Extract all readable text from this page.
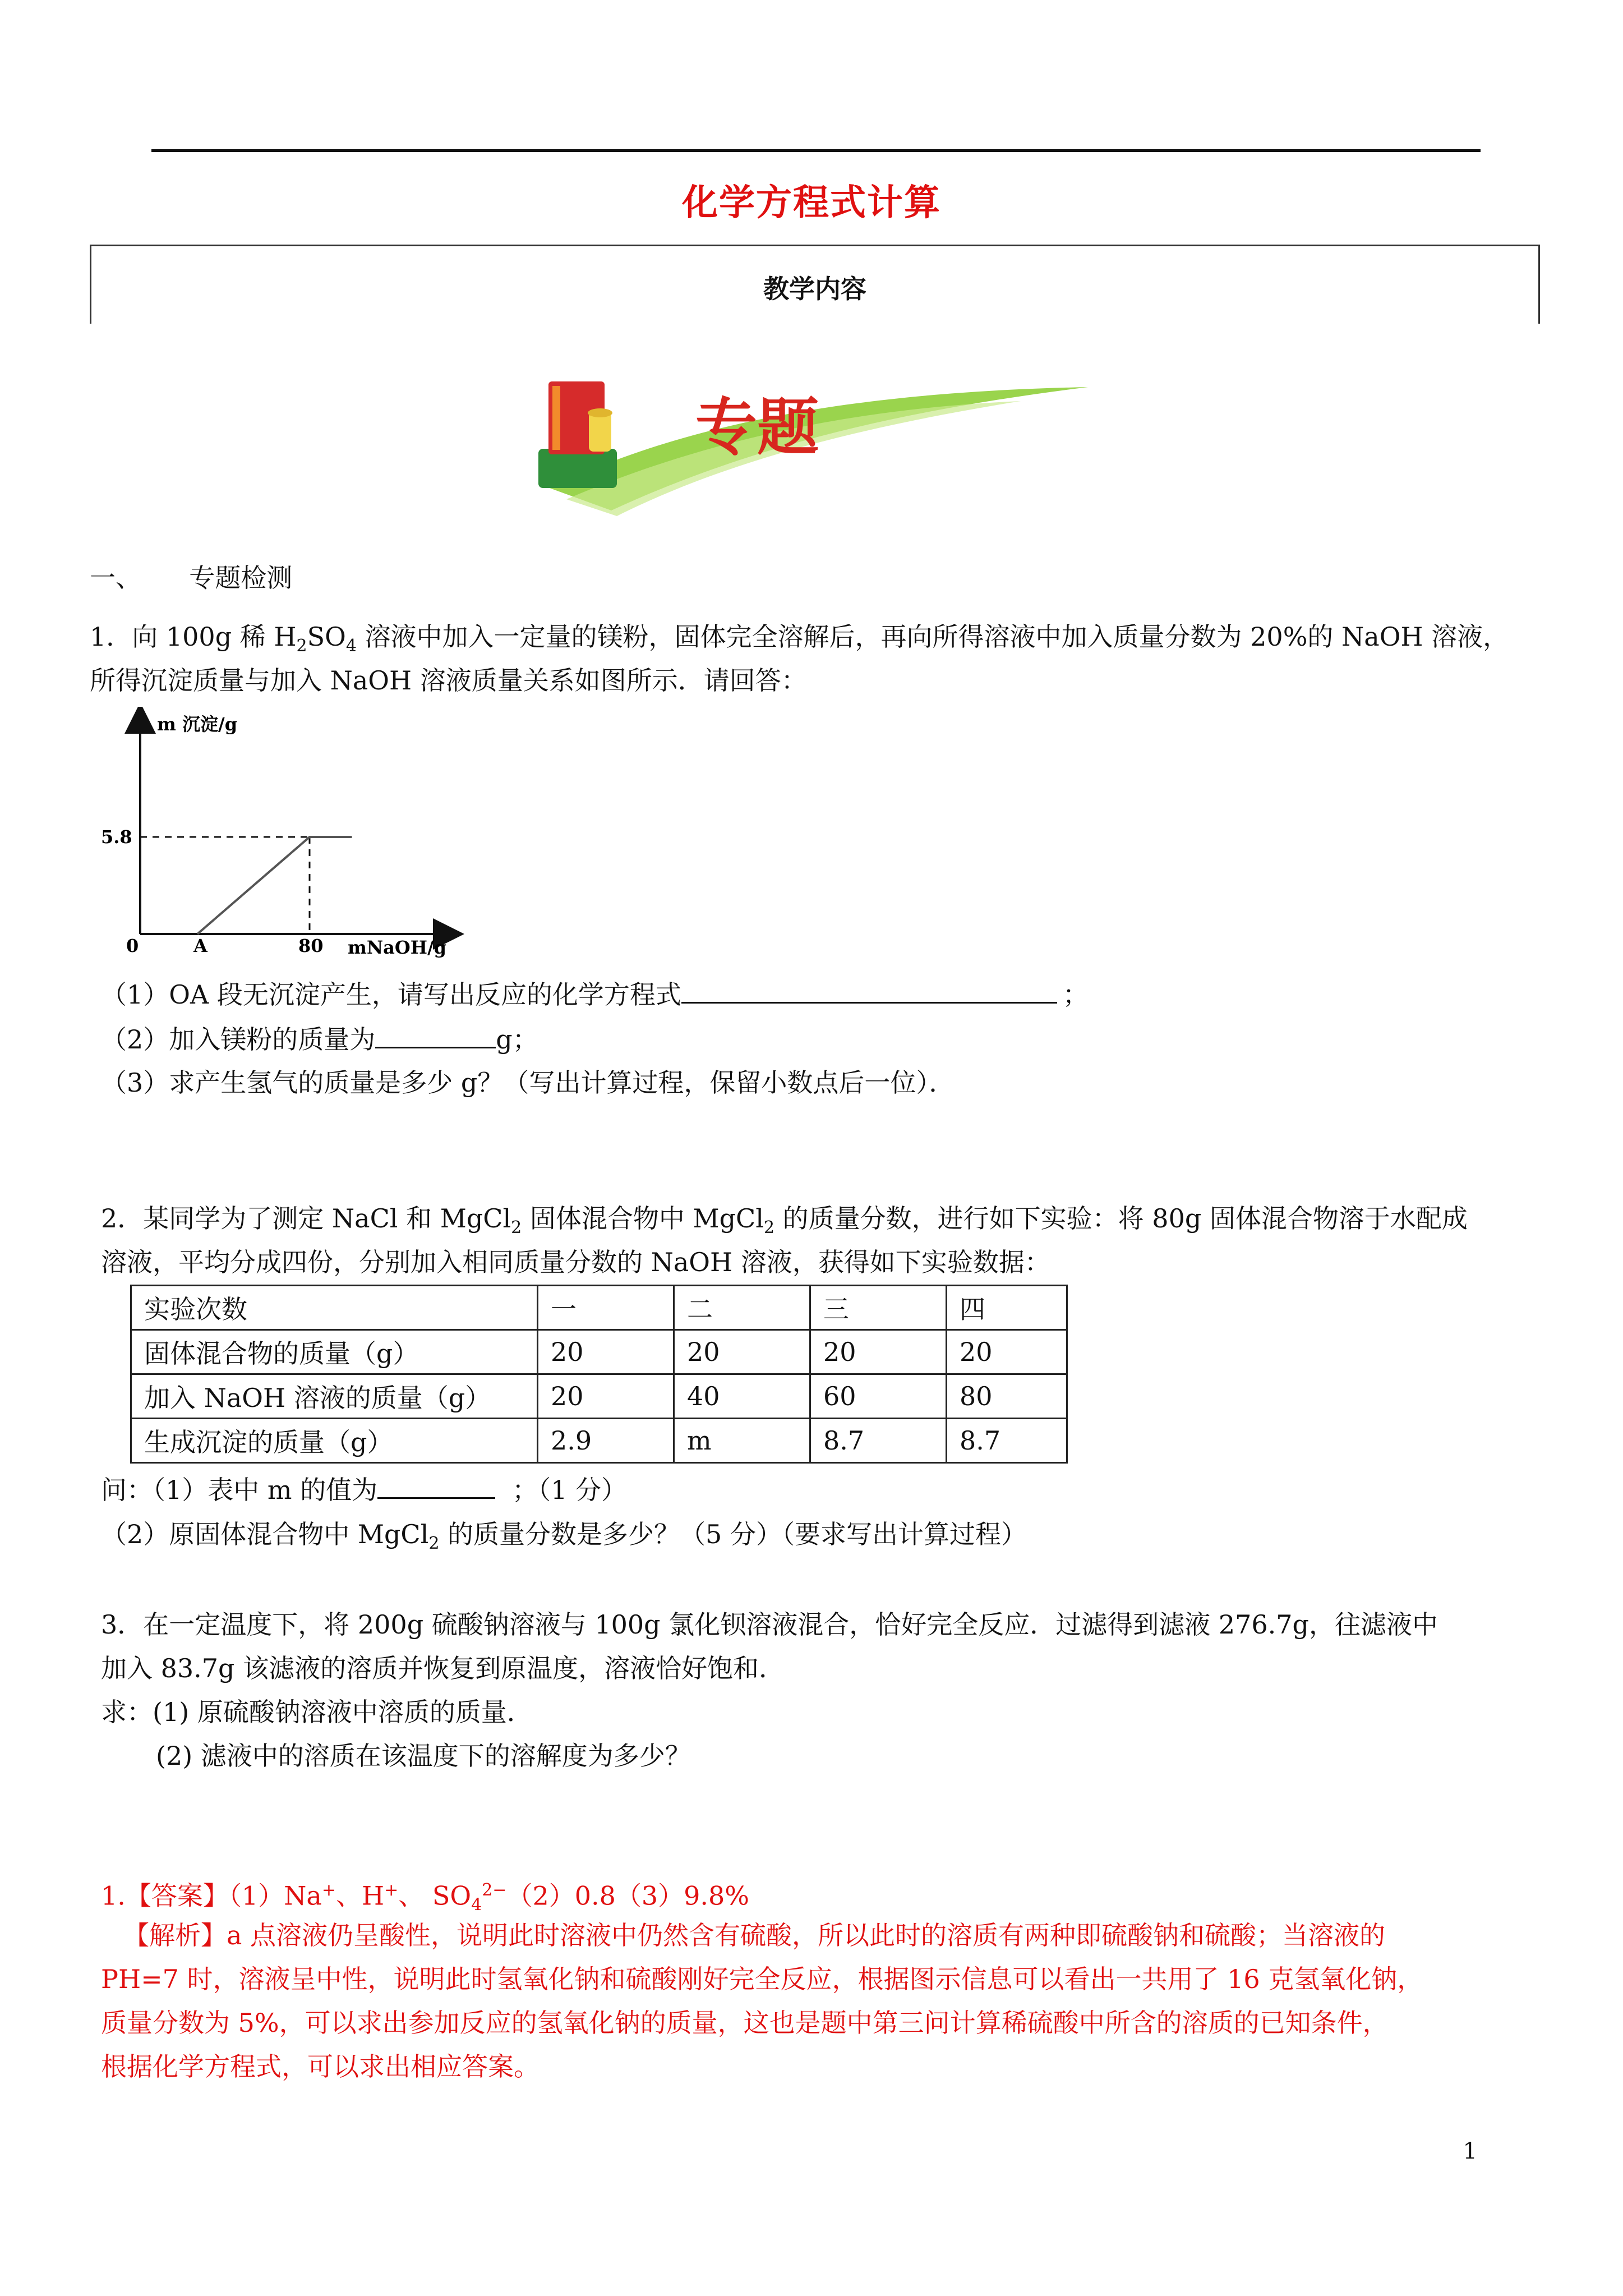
化学方程式计算
教学内容
专题
一、 专题检测
1．向 100g 稀 $H_2SO_4$ 溶液中加入一定量的镁粉，固体完全溶解后，再向所得溶液中加入质量分数为 20%的 NaOH 溶液，
所得沉淀质量与加入 NaOH 溶液质量关系如图所示．请回答：
m 沉淀/g
mNaOH/g
0	A	80
5.8
（1）OA 段无沉淀产生，请写出反应的化学方程式	；
（2）加入镁粉的质量为	g；
（3）求产生氢气的质量是多少 g？（写出计算过程，保留小数点后一位）．
2．某同学为了测定 NaCl 和 MgCl$_2$ 固体混合物中 MgCl$_2$ 的质量分数，进行如下实验：将 80g 固体混合物溶于水配成
溶液，平均分成四份，分别加入相同质量分数的 NaOH 溶液，获得如下实验数据：
实验次数	一	二	三	四
固体混合物的质量（g）	20	20	20	20
加入 NaOH 溶液的质量（g）	20	40	60	80
生成沉淀的质量（g）	2.9	m	8.7	8.7
问：（1）表中 m 的值为	；（1 分）
（2）原固体混合物中 MgCl$_2$ 的质量分数是多少？（5 分）（要求写出计算过程）
3．在一定温度下，将 200g 硫酸钠溶液与 100g 氯化钡溶液混合，恰好完全反应．过滤得到滤液 276.7g，往滤液中
加入 83.7g 该滤液的溶质并恢复到原温度，溶液恰好饱和．
求：(1) 原硫酸钠溶液中溶质的质量．
(2) 滤液中的溶质在该温度下的溶解度为多少？
1.【答案】（1）Na+、H+、 $SO_4^{2-}(2)0.8(3)9.8\%$
【解析】a 点溶液仍呈酸性，说明此时溶液中仍然含有硫酸，所以此时的溶质有两种即硫酸钠和硫酸；当溶液的
PH=7 时，溶液呈中性，说明此时氢氧化钠和硫酸刚好完全反应，根据图示信息可以看出一共用了 16 克氢氧化钠，
质量分数为 5%，可以求出参加反应的氢氧化钠的质量，这也是题中第三问计算稀硫酸中所含的溶质的已知条件，
根据化学方程式，可以求出相应答案。
1
